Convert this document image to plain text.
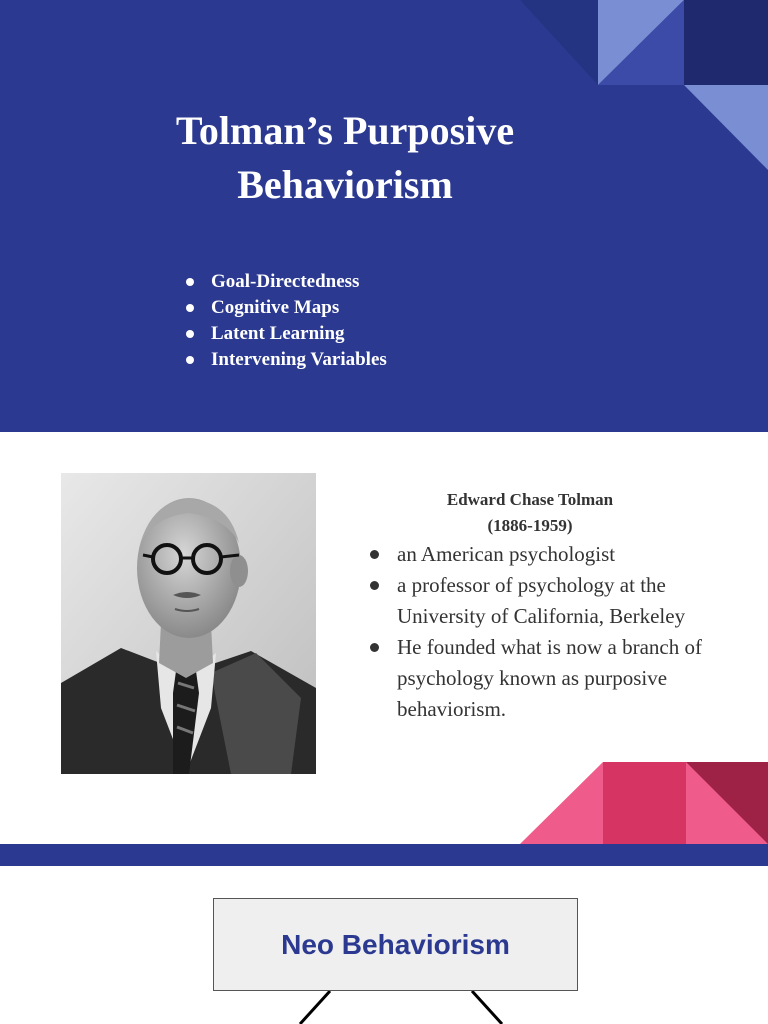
Tolman’s Purposive
Behaviorism
Goal-Directedness
Cognitive Maps
Latent Learning
Intervening Variables
Edward Chase Tolman
(1886-1959)
an American psychologist
a professor of psychology at the University of California, Berkeley
He founded what is now a branch of psychology known as purposive behaviorism.
Neo Behaviorism
